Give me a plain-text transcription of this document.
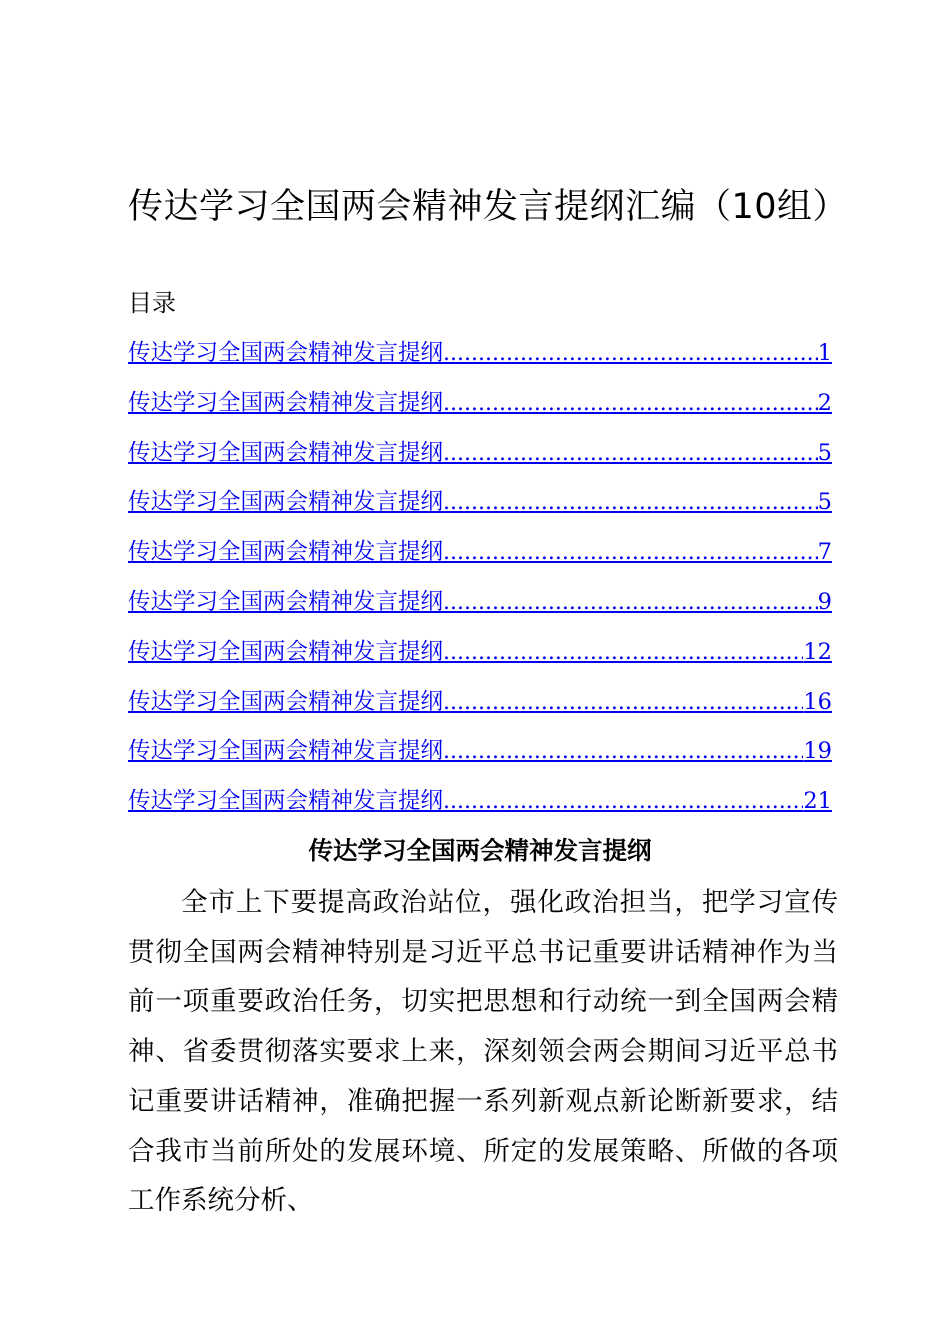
传达学习全国两会精神发言提纲汇编（10组）
目录
传达学习全国两会精神发言提纲 .....	1
传达学习全国两会精神发言提纲 .....	2
传达学习全国两会精神发言提纲 .....	5
传达学习全国两会精神发言提纲 .....	5
传达学习全国两会精神发言提纲 .....	7
传达学习全国两会精神发言提纲 .....	9
传达学习全国两会精神发言提纲 .....	12
传达学习全国两会精神发言提纲 .....	16
传达学习全国两会精神发言提纲 .....	19
传达学习全国两会精神发言提纲 .....	21
传达学习全国两会精神发言提纲

全市上下要提高政治站位，强化政治担当，把学习宣传贯彻全国两会精神特别是习近平总书记重要讲话精神作为当前一项重要政治任务，切实把思想和行动统一到全国两会精神、省委贯彻落实要求上来，深刻领会两会期间习近平总书记重要讲话精神，准确把握一系列新观点新论断新要求，结合我市当前所处的发展环境、所定的发展策略、所做的各项工作系统分析、
